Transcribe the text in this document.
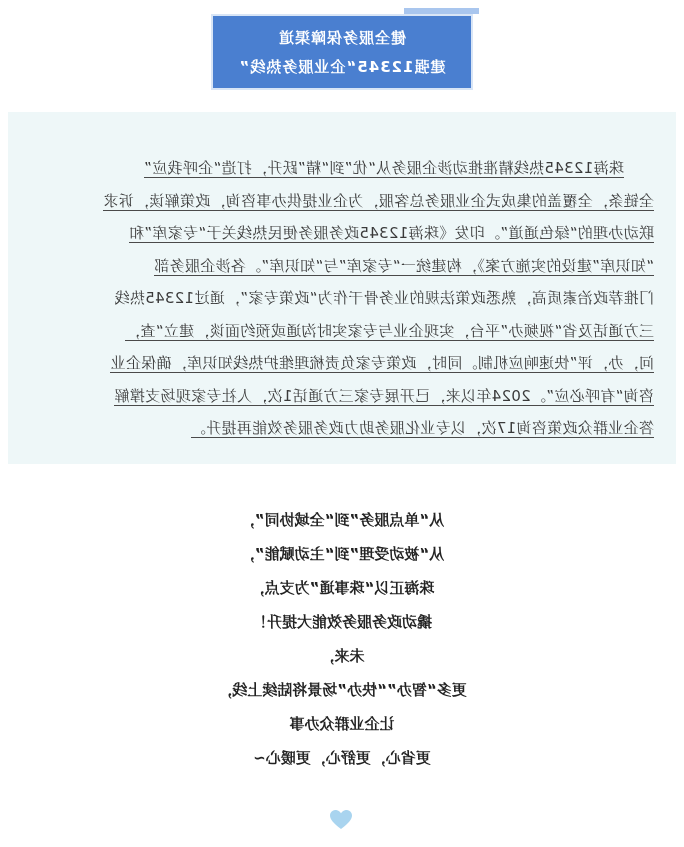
健全服务保障渠道
建强12345“企业服务热线”
珠海12345热线精准推动涉企服务从“优”到“精”跃升，打造“企呼我应”
全链条，全覆盖的集成式企业服务总客服，为企业提供办事咨询，政策解读，诉求
联动办理的“绿色通道”。印发《珠海12345政务服务便民热线关于“专家库”和
“知识库”建设的实施方案》，构建统一“专家库”与“知识库”。各涉企服务部
门推荐政治素质高，熟悉政策法规的业务骨干作为“政策专家”，通过12345热线
三方通话及省“视频办”平台，实现企业与专家实时沟通或预约面谈，建立“查，
问，办，评”快速响应机制。同时，政策专家负责梳理维护热线知识库，确保企业
咨询“有呼必应”。2024年以来，已开展专家三方通话1次，人社专家现场支撑解
答企业群众政策咨询17次，以专业化服务助力政务服务效能再提升。
从“单点服务”到“全域协同”，
从“被动受理”到“主动赋能”，
珠海正以“珠事通”为支点，
撬动政务服务效能大提升！
未来，
更多“智办”“快办”场景将陆续上线，
让企业群众办事
更省心，更舒心，更暖心~
